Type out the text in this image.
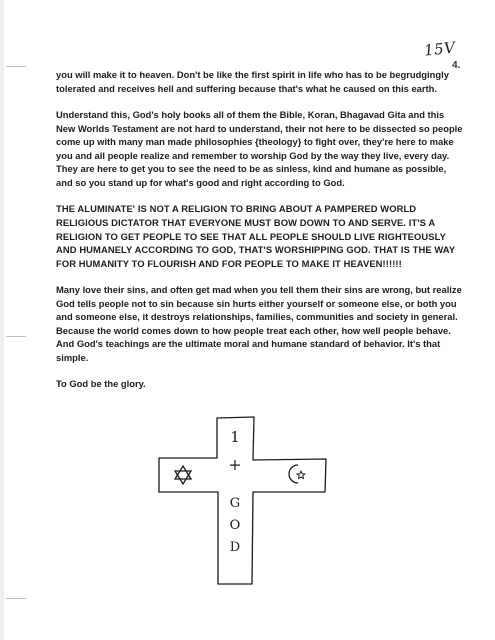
15V
4.

you will make it to heaven. Don't be like the first spirit in life who has to be begrudgingly tolerated and receives hell and suffering because that's what he caused on this earth.

Understand this, God's holy books all of them the Bible, Koran, Bhagavad Gita and this New Worlds Testament are not hard to understand, their not here to be dissected so people come up with many man made philosophies {theology} to fight over, they're here to make you and all people realize and remember to worship God by the way they live, every day. They are here to get you to see the need to be as sinless, kind and humane as possible, and so you stand up for what's good and right according to God.

THE ALUMINATE' IS NOT A RELIGION TO BRING ABOUT A PAMPERED WORLD RELIGIOUS DICTATOR THAT EVERYONE MUST BOW DOWN TO AND SERVE. IT'S A RELIGION TO GET PEOPLE TO SEE THAT ALL PEOPLE SHOULD LIVE RIGHTEOUSLY AND HUMANELY ACCORDING TO GOD, THAT'S WORSHIPPING GOD. THAT IS THE WAY FOR HUMANITY TO FLOURISH AND FOR PEOPLE TO MAKE IT HEAVEN!!!!!!

Many love their sins, and often get mad when you tell them their sins are wrong, but realize God tells people not to sin because sin hurts either yourself or someone else, or both you and someone else, it destroys relationships, families, communities and society in general. Because the world comes down to how people treat each other, how well people behave. And God's teachings are the ultimate moral and humane standard of behavior. It's that simple.

To God be the glory.

1
+
G
O
D
